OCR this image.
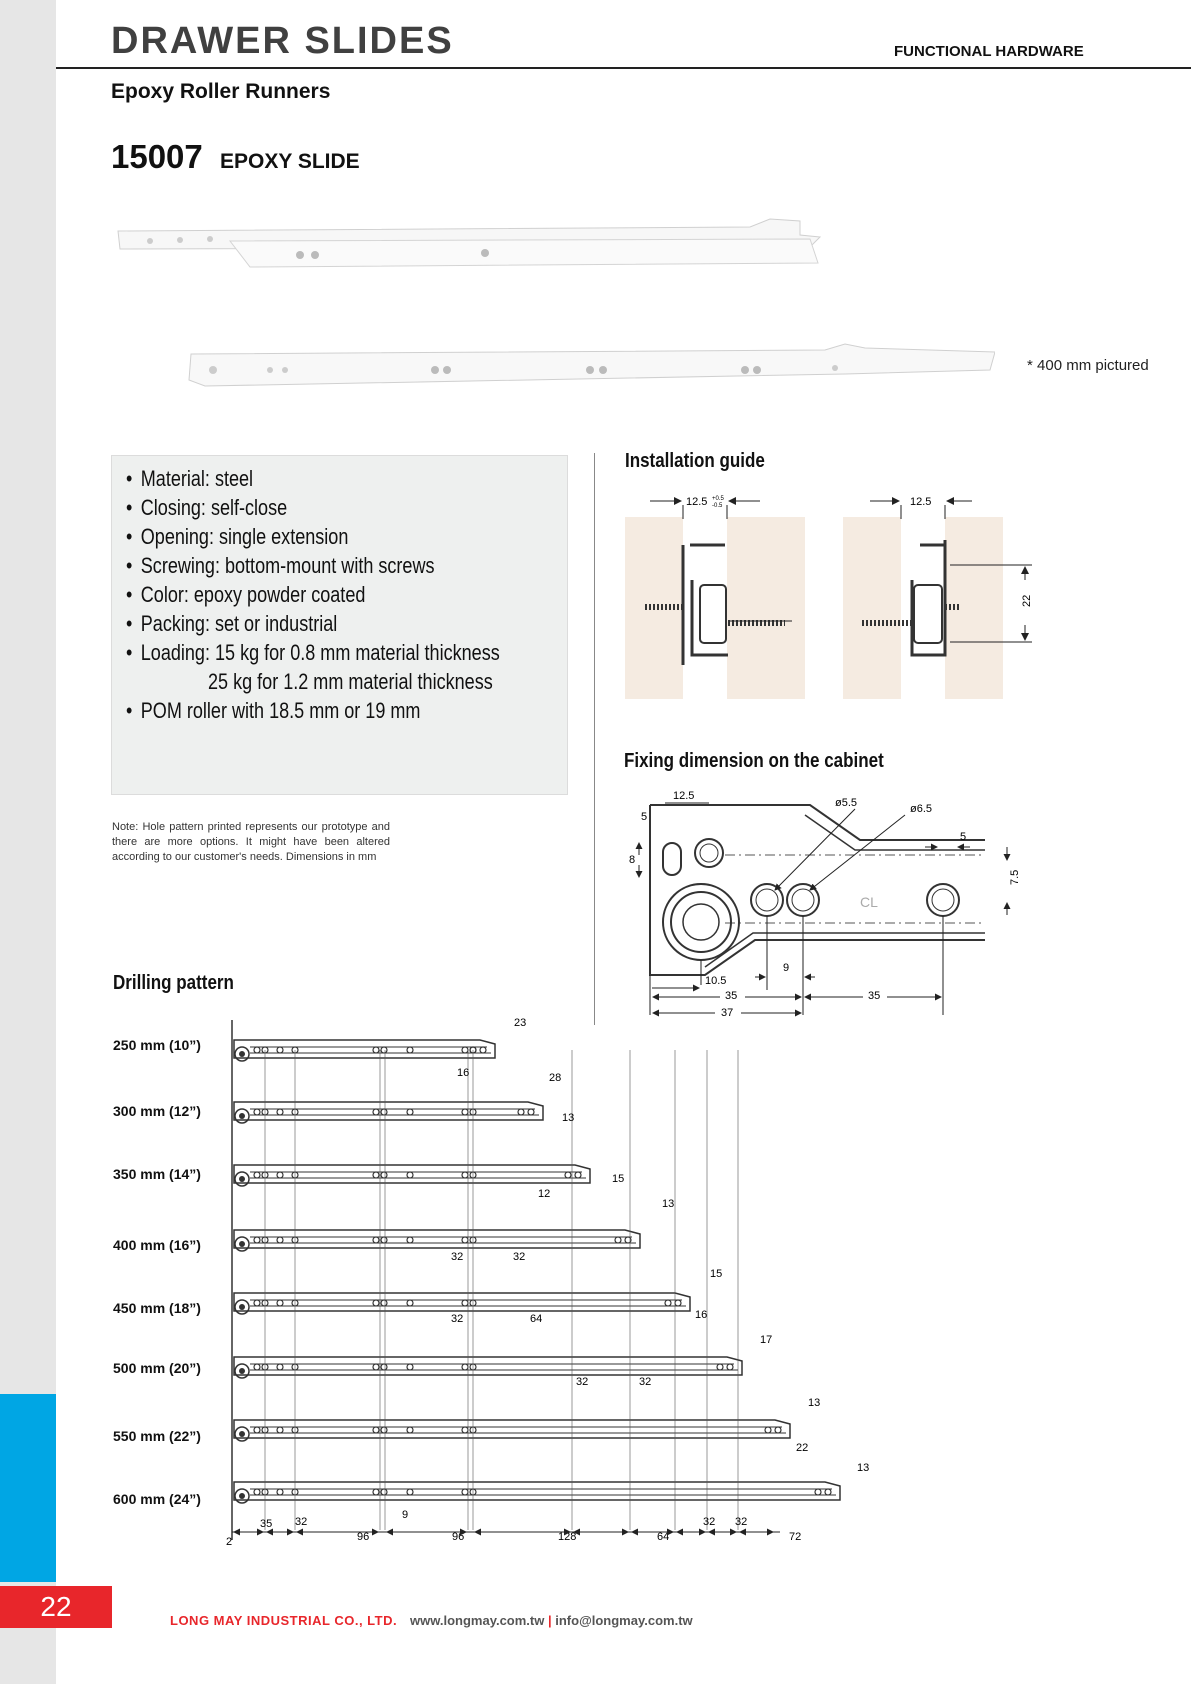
22
DRAWER SLIDES	FUNCTIONAL HARDWARE
Epoxy Roller Runners
15007 EPOXY SLIDE
* 400 mm pictured
• Material: steel
• Closing: self-close
• Opening: single extension
• Screwing: bottom-mount with screws
• Color: epoxy powder coated
• Packing: set or industrial
• Loading: 15 kg for 0.8 mm material thickness
25 kg for 1.2 mm material thickness
• POM roller with 18.5 mm or 19 mm
Note: Hole pattern printed represents our prototype and there are more options. It might have been altered according to our customer's needs. Dimensions in mm
Installation guide
12.5 +0.5
-0.5	12.5
22
Fixing dimension on the cabinet
CL
12.5
5
8
ø5.5	ø6.5
5
7.5
9
10.5
35	35
37
Drilling pattern
250 mm (10”)
300 mm (12”)
350 mm (14”)
400 mm (16”)
450 mm (18”)
500 mm (20”)
550 mm (22”)
600 mm (24”)
23
16	28
13
15
12
13
32	32
15
16
32	64
17
32	32
13
22
13
2
35 32
9
96	96	128	64
32 32
72
LONG MAY INDUSTRIAL CO., LTD. www.longmay.com.tw | info@longmay.com.tw
